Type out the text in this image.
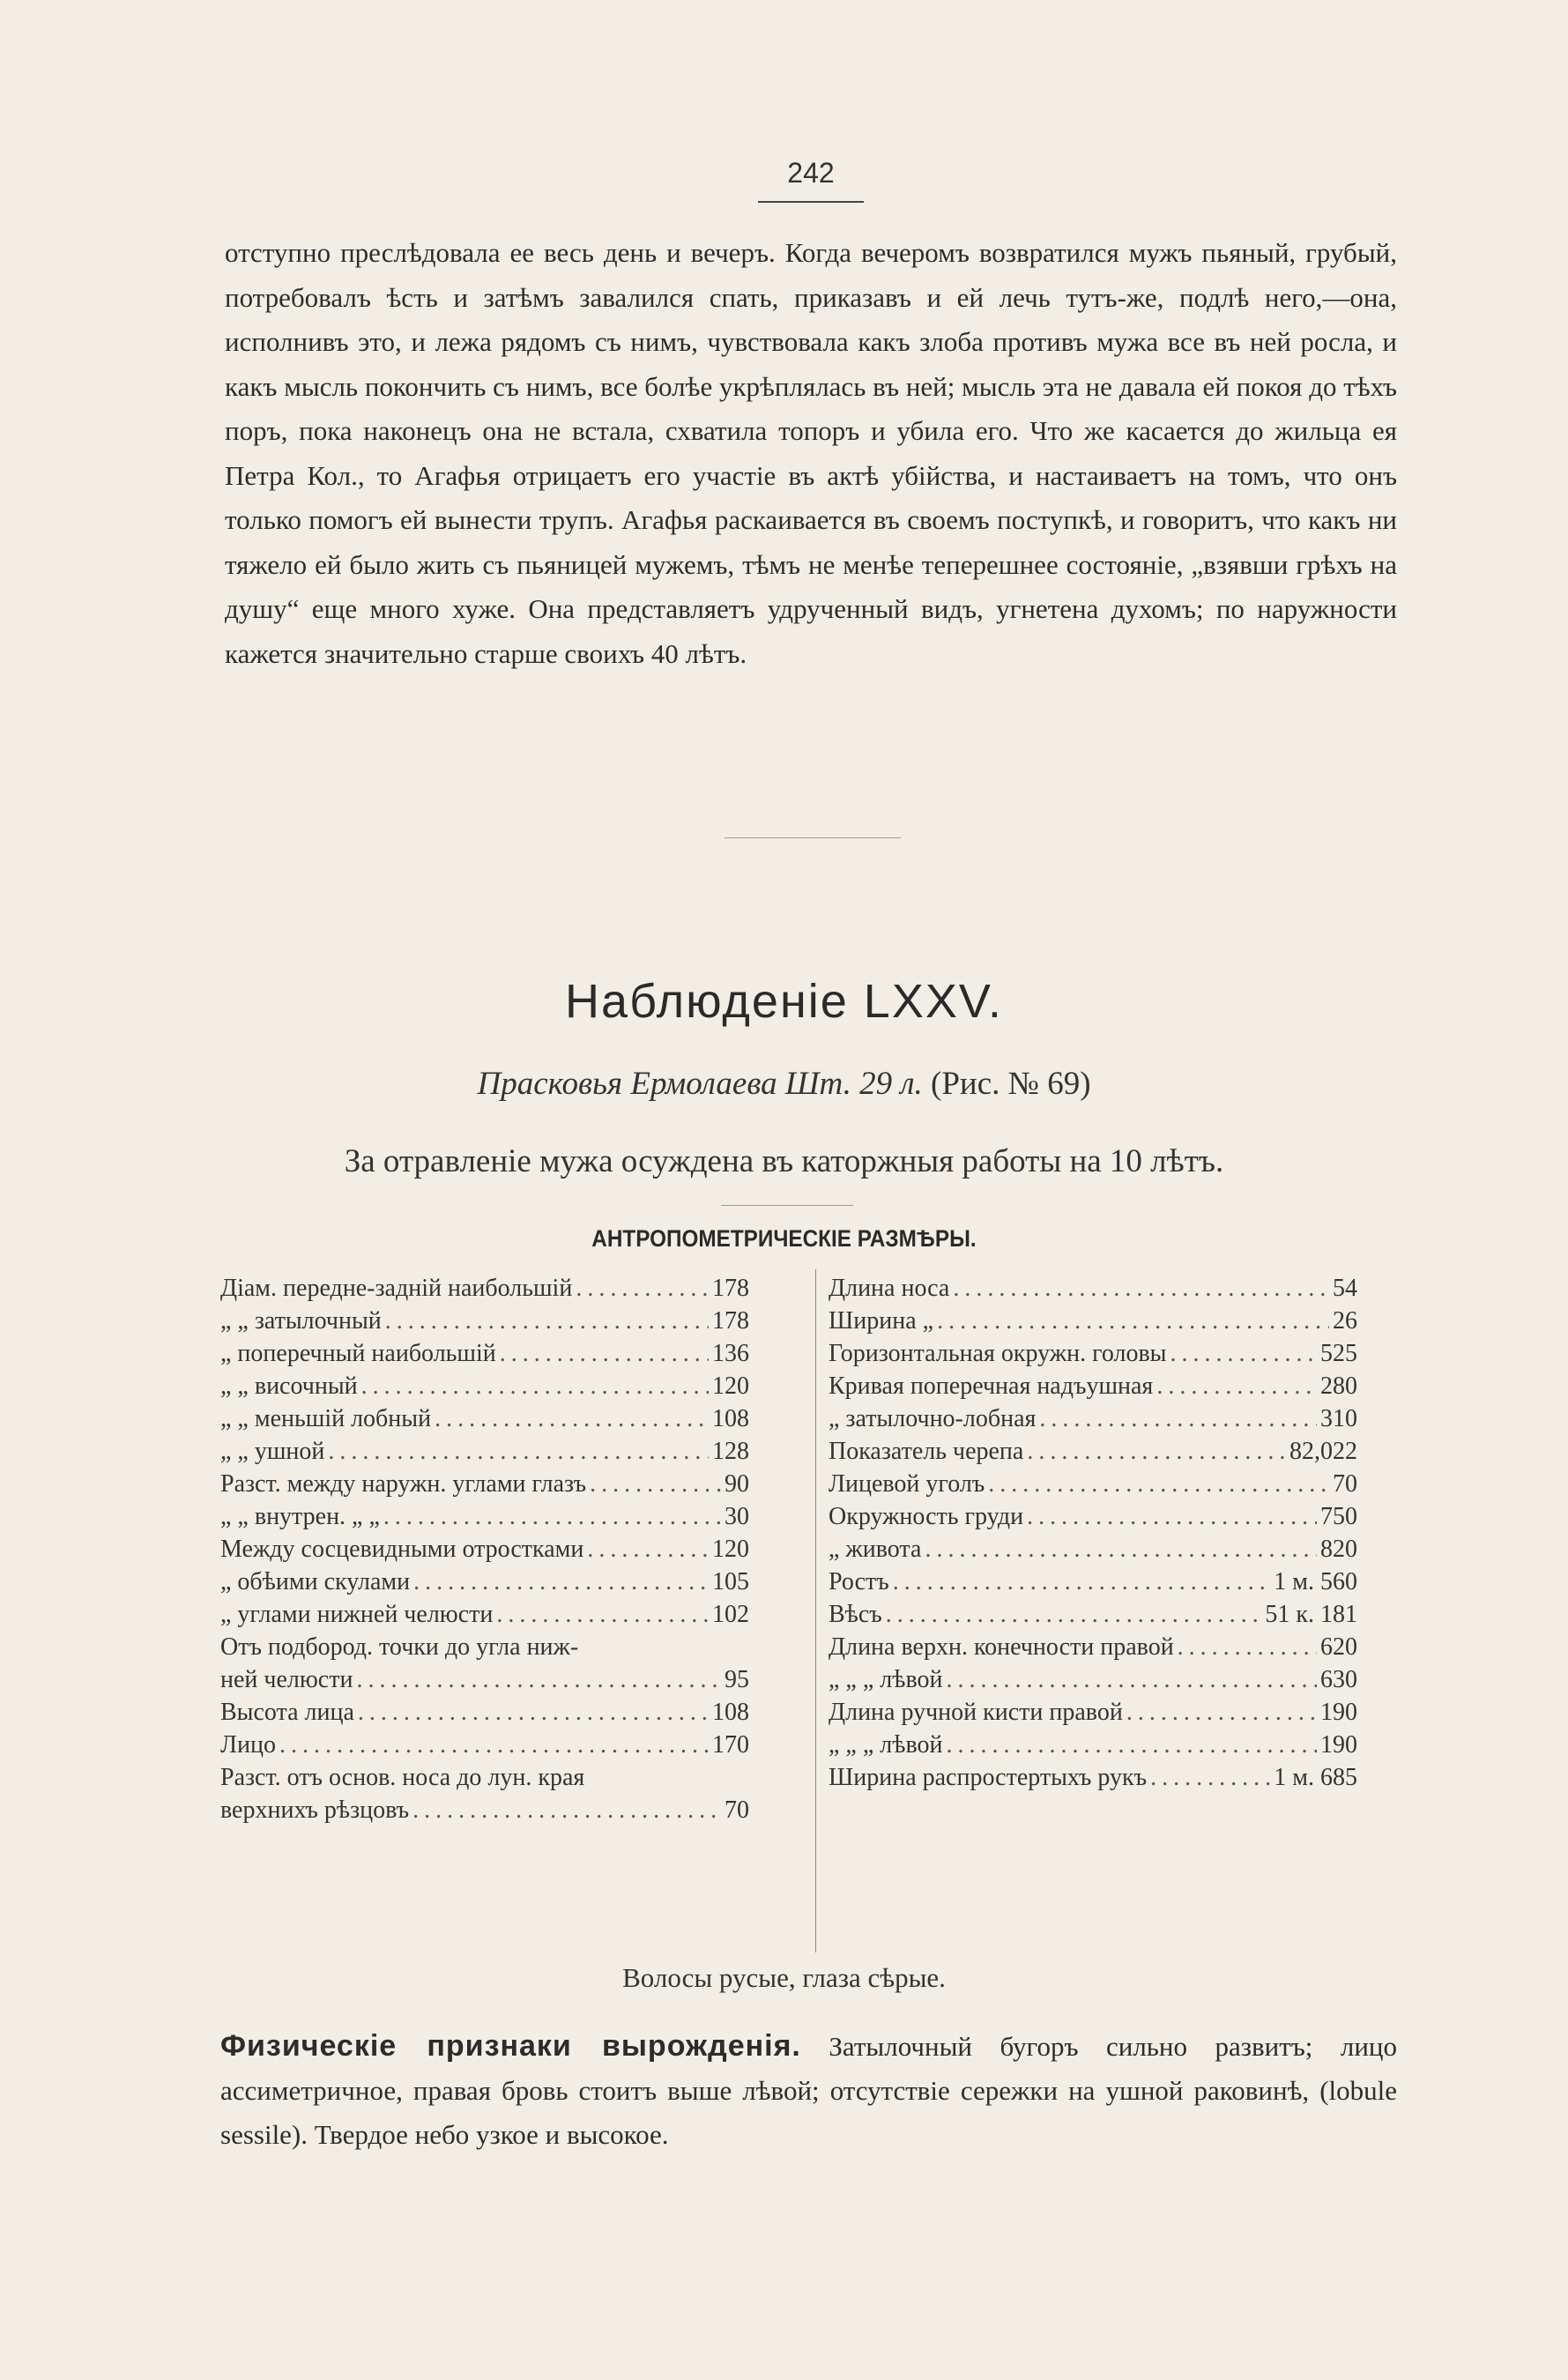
242
отступно преслѣдовала ее весь день и вечеръ. Когда вечеромъ возвратился мужъ пьяный, грубый, потребовалъ ѣсть и затѣмъ завалился спать, приказавъ и ей лечь тутъ-же, подлѣ него,—она, исполнивъ это, и лежа рядомъ съ нимъ, чувствовала какъ злоба противъ мужа все въ ней росла, и какъ мысль покончить съ нимъ, все болѣе укрѣплялась въ ней; мысль эта не давала ей покоя до тѣхъ поръ, пока наконецъ она не встала, схватила топоръ и убила его. Что же касается до жильца ея Петра Кол., то Агафья отрицаетъ его участіе въ актѣ убійства, и настаиваетъ на томъ, что онъ только помогъ ей вынести трупъ. Агафья раскаивается въ своемъ поступкѣ, и говоритъ, что какъ ни тяжело ей было жить съ пьяницей мужемъ, тѣмъ не менѣе теперешнее состояніе, „взявши грѣхъ на душу“ еще много хуже. Она представляетъ удрученный видъ, угнетена духомъ; по наружности кажется значительно старше своихъ 40 лѣтъ.
Наблюденіе LXXV.
Прасковья Ермолаева Шт. 29 л. (Рис. № 69)
За отравленіе мужа осуждена въ каторжныя работы на 10 лѣтъ.
АНТРОПОМЕТРИЧЕСКІЕ РАЗМѢРЫ.
Діам. передне-задній наибольшій .....	178
„ „ затылочный .....	178
„ поперечный наибольшій .....	136
„ „ височный .....	120
„ „ меньшій лобный .....	108
„ „ ушной .....	128
Разст. между наружн. углами глазъ .....	90
„ „ внутрен. „ „ .....	30
Между сосцевидными отростками .....	120
„ обѣими скулами .....	105
„ углами нижней челюсти .....	102
Отъ подбород. точки до угла ниж-
ней челюсти .....	95
Высота лица .....	108
Лицо .....	170
Разст. отъ основ. носа до лун. края
верхнихъ рѣзцовъ .....	70
Длина носа .....	54
Ширина „ .....	26
Горизонтальная окружн. головы .....	525
Кривая поперечная надъушная .....	280
„ затылочно-лобная .....	310
Показатель черепа .....	82,022
Лицевой уголъ .....	70
Окружность груди .....	750
„ живота .....	820
Ростъ .....	1 м. 560
Вѣсъ .....	51 к. 181
Длина верхн. конечности правой .....	620
„ „ „ лѣвой .....	630
Длина ручной кисти правой .....	190
„ „ „ лѣвой .....	190
Ширина распростертыхъ рукъ .....	1 м. 685
Волосы русые, глаза сѣрые.
Физическіе признаки вырожденія. Затылочный бугоръ сильно развитъ; лицо ассиметричное, правая бровь стоитъ выше лѣвой; отсутствіе сережки на ушной раковинѣ, (lobule sessile). Твердое небо узкое и высокое.
